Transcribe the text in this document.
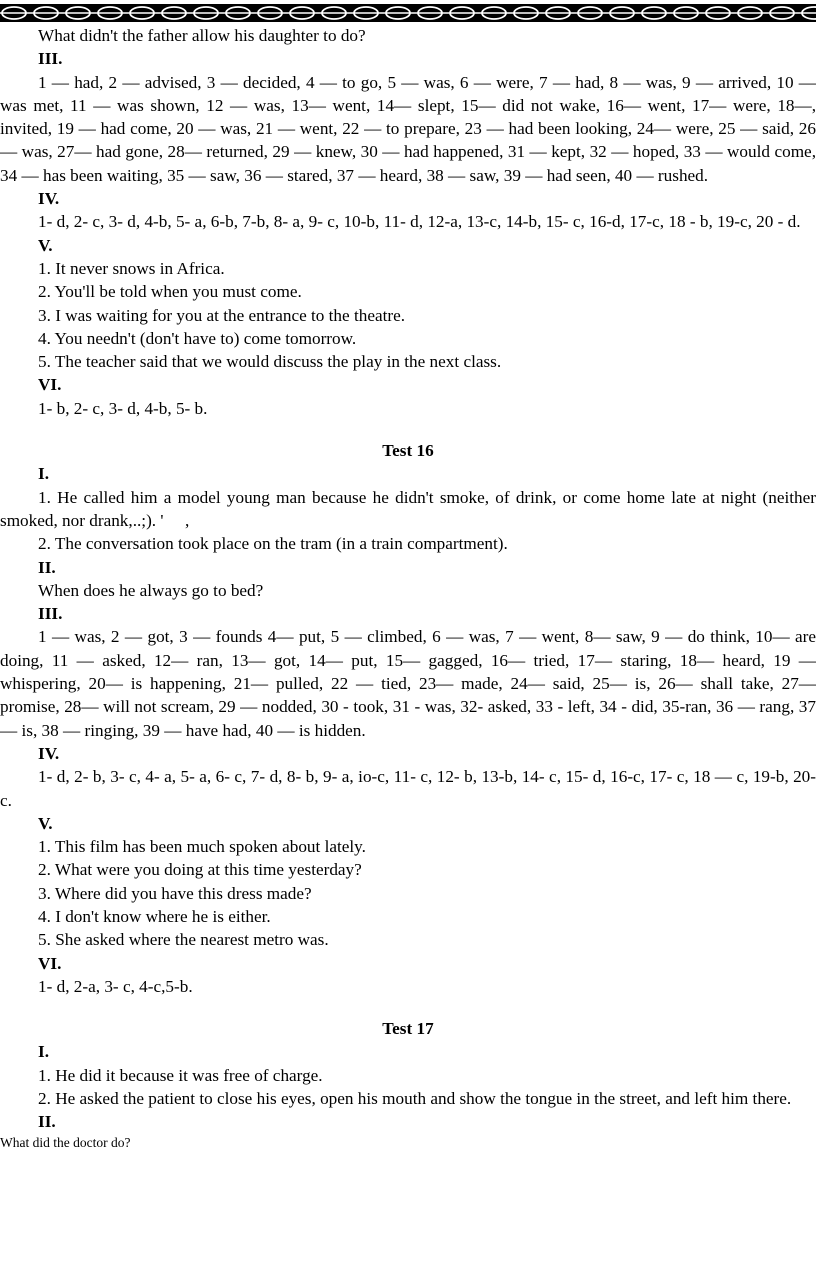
What didn't the father allow his daughter to do?

III.

1 — had, 2 — advised, 3 — decided, 4 — to go, 5 — was, 6 — were, 7 — had, 8 — was, 9 — arrived, 10 — was met, 11 — was shown, 12 — was, 13— went, 14— slept, 15— did not wake, 16— went, 17— were, 18—, invited, 19 — had come, 20 — was, 21 — went, 22 — to prepare, 23 — had been looking, 24— were, 25 — said, 26— was, 27— had gone, 28— returned, 29 — knew, 30 — had happened, 31 — kept, 32 — hoped, 33 — would come, 34 — has been waiting, 35 — saw, 36 — stared, 37 — heard, 38 — saw, 39 — had seen, 40 — rushed.

IV.

1- d, 2- c, 3- d, 4-b, 5- a, 6-b, 7-b, 8- a, 9- c, 10-b, 11- d, 12-a, 13-c, 14-b, 15- c, 16-d, 17-c, 18 - b, 19-c, 20 - d.

V.

1. It never snows in Africa.

2. You'll be told when you must come.

3. I was waiting for you at the entrance to the theatre.

4. You needn't (don't have to) come tomorrow.

5. The teacher said that we would discuss the play in the next class.

VI.

1- b, 2- c, 3- d, 4-b, 5- b.

Test 16

I.

1. He called him a model young man because he didn't smoke, of drink, or come home late at night (neither smoked, nor drank,..;). '     ,

2. The conversation took place on the tram (in a train compartment).

II.

When does he always go to bed?

III.

1 — was, 2 — got, 3 — founds 4— put, 5 — climbed, 6 — was, 7 — went, 8— saw, 9 — do think, 10— are doing, 11 — asked, 12— ran, 13— got, 14— put, 15— gagged, 16— tried, 17— staring, 18— heard, 19 — whispering, 20— is happening, 21— pulled, 22 — tied, 23— made, 24— said, 25— is, 26— shall take, 27— promise, 28— will not scream, 29 — nodded, 30 - took, 31 - was, 32- asked, 33 - left, 34 - did, 35-ran, 36 — rang, 37 — is, 38 — ringing, 39 — have had, 40 — is hidden.

IV.

1- d, 2- b, 3- c, 4- a, 5- a, 6- c, 7- d, 8- b, 9- a, io-c, 11- c, 12- b, 13-b, 14- c, 15- d, 16-c, 17- c, 18 — c, 19-b, 20- c.

V.

1. This film has been much spoken about lately.

2. What were you doing at this time yesterday?

3. Where did you have this dress made?

4. I don't know where he is either.

5. She asked where the nearest metro was.

VI.

1- d, 2-a, 3- c, 4-c,5-b.

Test 17

I.

1. He did it because it was free of charge.

2. He asked the patient to close his eyes, open his mouth and show the tongue in the street, and left him there.

II.

What did the doctor do?
